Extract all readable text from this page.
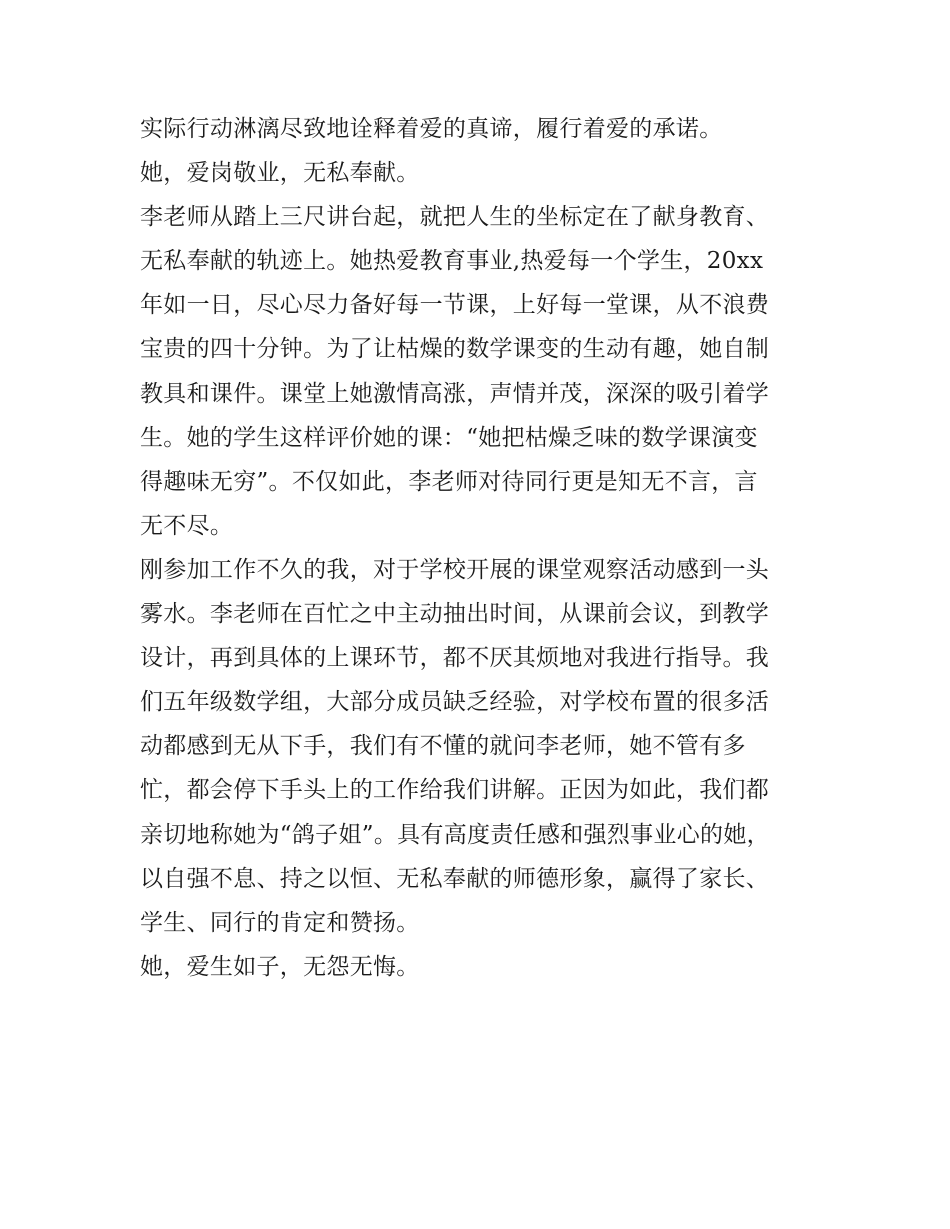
实际行动淋漓尽致地诠释着爱的真谛，履行着爱的承诺。
她，爱岗敬业，无私奉献。
李老师从踏上三尺讲台起，就把人生的坐标定在了献身教育、
无私奉献的轨迹上。她热爱教育事业,热爱每一个学生，20xx
年如一日，尽心尽力备好每一节课，上好每一堂课，从不浪费
宝贵的四十分钟。为了让枯燥的数学课变的生动有趣，她自制
教具和课件。课堂上她激情高涨，声情并茂，深深的吸引着学
生。她的学生这样评价她的课：“她把枯燥乏味的数学课演变
得趣味无穷”。不仅如此，李老师对待同行更是知无不言，言
无不尽。
刚参加工作不久的我，对于学校开展的课堂观察活动感到一头
雾水。李老师在百忙之中主动抽出时间，从课前会议，到教学
设计，再到具体的上课环节，都不厌其烦地对我进行指导。我
们五年级数学组，大部分成员缺乏经验，对学校布置的很多活
动都感到无从下手，我们有不懂的就问李老师，她不管有多
忙，都会停下手头上的工作给我们讲解。正因为如此，我们都
亲切地称她为“鸽子姐”。具有高度责任感和强烈事业心的她，
以自强不息、持之以恒、无私奉献的师德形象，赢得了家长、
学生、同行的肯定和赞扬。
她，爱生如子，无怨无悔。
